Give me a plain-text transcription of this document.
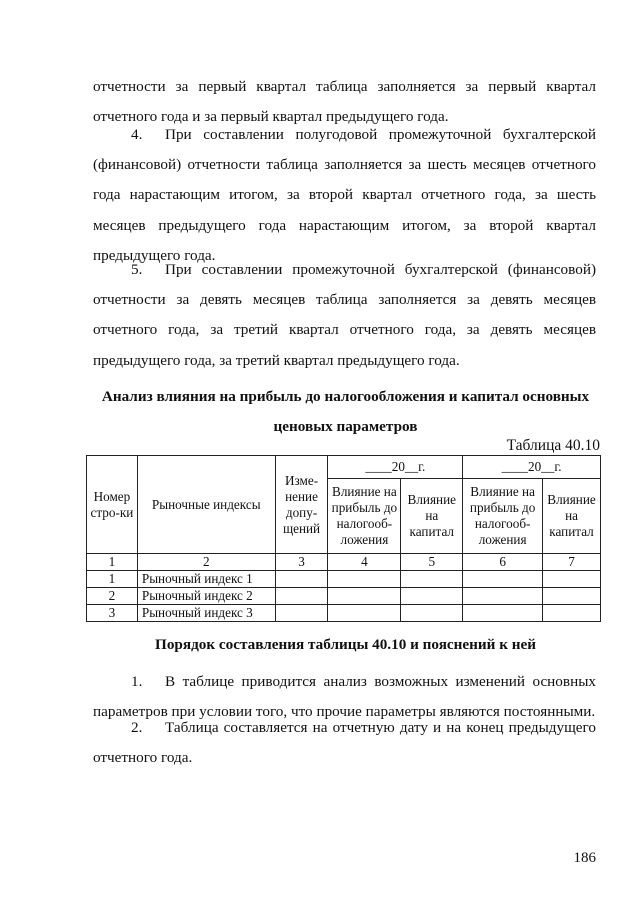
отчетности за первый квартал таблица заполняется за первый квартал
отчетного года и за первый квартал предыдущего года.
4. При составлении полугодовой промежуточной бухгалтерской
(финансовой) отчетности таблица заполняется за шесть месяцев отчетного
года нарастающим итогом, за второй квартал отчетного года, за шесть
месяцев предыдущего года нарастающим итогом, за второй квартал
предыдущего года.
5. При составлении промежуточной бухгалтерской (финансовой)
отчетности за девять месяцев таблица заполняется за девять месяцев
отчетного года, за третий квартал отчетного года, за девять месяцев
предыдущего года, за третий квартал предыдущего года.
Анализ влияния на прибыль до налогообложения и капитал основных
ценовых параметров
Таблица 40.10
Номер стро-ки	Рыночные индексы	Изме-нение допу-щений	____20__г.		____20__г.	
			Влияние на прибыль до налогооб-ложения	Влияние на капитал	Влияние на прибыль до налогооб-ложения	Влияние на капитал
1	2	3	4	5	6	7
1	Рыночный индекс 1					
2	Рыночный индекс 2					
3	Рыночный индекс 3					
Порядок составления таблицы 40.10 и пояснений к ней
1. В таблице приводится анализ возможных изменений основных
параметров при условии того, что прочие параметры являются постоянными.
2. Таблица составляется на отчетную дату и на конец предыдущего
отчетного года.
186
